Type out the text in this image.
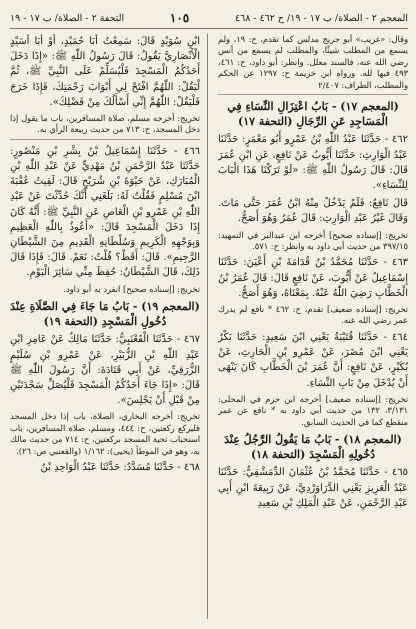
المعجم ٢ - الصلاة/ ب ١٧ - ١٩/ ح ٤٦٢ - ٤٦٨
١٠٥
التحفة ٢ - الصلاة/ ب ١٧ - ١٩

وقال: «غريب» أبو جريج مدلس كما تقدم، ح: ١٩، ولم يسمع من المطلب شيئًا، والمطلب لم يسمع من أنس رضي الله عنه، فالسند معلل. وانظر: أبو داود، ح: ٤٦١، ٤٩٣ فبها لله. ورواه ابن خزيمة ح: ١٢٩٧ عن الحكم والمطلب، الطراف: ٢/٤٠٧

(المعجم ١٧) - بَابُ اعْتِزَالِ النِّسَاءِ فِي الْمَسَاجِدِ عَنِ الرِّجَالِ (التحفة ١٧)

٤٦٢ - حَدَّثَنَا عَبْدُ اللّٰهِ بْنُ عَمْرٍو أَبُو مَعْمَرٍ: حَدَّثَنَا عَبْدُ الْوَارِثِ: حَدَّثَنَا أَيُّوبُ عَنْ نَافِعٍ، عَنِ ابْنِ عُمَرَ قَالَ: قَالَ رَسُولُ اللّٰهِ ﷺ: «لَوْ تَرَكْنَا هَذَا الْبَابَ لِلنِّسَاءِ».

قَالَ نَافِعٌ: فَلَمْ يَدْخُلْ مِنْهُ ابْنُ عُمَرَ حَتَّى مَاتَ. وَقَالَ غَيْرُ عَبْدِ الْوَارِثِ: قَالَ عُمَرُ وَهُوَ أَصَحُّ.

تخريج: [إسناده صحيح] أخرجه ابن عبدالبر في التمهيد: ٣٩٧/١٥ من حديث أبي داود به وانظر: ح: ٥٧١.

٤٦٣ - حَدَّثَنَا مُحَمَّدُ بْنُ قُدَامَةَ بْنِ أَعْيَنَ: حَدَّثَنَا إِسْمَاعِيلُ عَنْ أَيُّوبَ، عَنْ نَافِعٍ قَالَ: قَالَ عُمَرُ بْنُ الْخَطَّابِ رَضِيَ اللّٰهُ عَنْهُ. بِمَعْنَاهُ، وَهُوَ أَصَحُّ.

تخريج: [إسناده ضعيف] تقدم، ح: ٤٦٢ * نافع لم يدرك عمر رضي الله عنه.

٤٦٤ - حَدَّثَنَا قُتَيْبَةُ يَعْنِي ابْنَ سَعِيدٍ: حَدَّثَنَا بَكْرٌ يَعْنِي ابْنَ مُضَرَ، عَنْ عَمْرِو بْنِ الْحَارِثِ، عَنْ بُكَيْرٍ، عَنْ نَافِعٍ: أَنَّ عُمَرَ بْنَ الْخَطَّابِ كَانَ يَنْهَى أَنْ يُدْخَلَ مِنْ بَابِ النِّسَاءِ.

تخريج: [إسناده ضعيف] أخرجه ابن حزم في المحلى: ٣/١٣١، ١٣٢ من حديث أبي داود به * نافع عن عمر منقطع كما في الحديث السابق.

(المعجم ١٨) - بَابُ مَا يَقُولُ الرَّجُلُ عِنْدَ دُخُولِهِ الْمَسْجِدَ (التحفة ١٨)

٤٦٥ - حَدَّثَنَا مُحَمَّدُ بْنُ عُثْمَانَ الدِّمَشْقِيُّ: حَدَّثَنَا عَبْدُ الْعَزِيزِ يَعْنِي الدَّرَاوَرْدِيَّ، عَنْ رَبِيعَةَ ابْنِ أَبِي عَبْدِ الرَّحْمَنِ، عَنْ عَبْدِ الْمَلِكِ بْنِ سَعِيدِ

ابْنِ سُوَيْدٍ قَالَ: سَمِعْتُ أَبَا حُمَيْدٍ، أَوْ أَبَا أُسَيْدٍ الْأَنْصَارِيَّ يَقُولُ: قَالَ رَسُولُ اللّٰهِ ﷺ: «إِذَا دَخَلَ أَحَدُكُمُ الْمَسْجِدَ فَلْيُسَلِّمْ عَلَى النَّبِيِّ ﷺ، ثُمَّ لْيَقُلْ: اللّٰهُمَّ افْتَحْ لِي أَبْوَابَ رَحْمَتِكَ، فَإِذَا خَرَجَ فَلْيَقُلْ: اللّٰهُمَّ إِنِّي أَسْأَلُكَ مِنْ فَضْلِكَ».

تخريج: أخرجه مسلم، صلاة المسافرين، باب ما يقول إذا دخل المسجد، ح: ٧١٣ من حديث ربيعة الرأي به.

٤٦٦ - حَدَّثَنَا إِسْمَاعِيلُ بْنُ بِشْرِ بْنِ مَنْصُورٍ: حَدَّثَنَا عَبْدُ الرَّحْمَنِ بْنُ مَهْدِيٍّ عَنْ عَبْدِ اللّٰهِ بْنِ الْمُبَارَكِ، عَنْ حَيْوَةَ بْنِ شُرَيْحٍ قَالَ: لَقِيتُ عُقْبَةَ ابْنَ مُسْلِمٍ فَقُلْتُ لَهُ: بَلَغَنِي أَنَّكَ حُدِّثْتَ عَنْ عَبْدِ اللّٰهِ بْنِ عَمْرِو بْنِ الْعَاصِ عَنِ النَّبِيِّ ﷺ: أَنَّهُ كَانَ إِذَا دَخَلَ الْمَسْجِدَ قَالَ: «أَعُوذُ بِاللّٰهِ الْعَظِيمِ وَبِوَجْهِهِ الْكَرِيمِ وَسُلْطَانِهِ الْقَدِيمِ مِنَ الشَّيْطَانِ الرَّجِيمِ». قَالَ: أَقَطْ؟ قُلْتُ: نَعَمْ. قَالَ: فَإِذَا قَالَ ذَلِكَ، قَالَ الشَّيْطَانُ: حُفِظَ مِنِّي سَائِرَ الْيَوْمِ.

تخريج: [إسناده صحيح] انفرد به أبو داود.

(المعجم ١٩) - بَابُ مَا جَاءَ فِي الصَّلَاةِ عِنْدَ دُخُولِ الْمَسْجِدِ (التحفة ١٩)

٤٦٧ - حَدَّثَنَا الْقَعْنَبِيُّ: حَدَّثَنَا مَالِكٌ عَنْ عَامِرِ ابْنِ عَبْدِ اللّٰهِ بْنِ الزُّبَيْرِ، عَنْ عَمْرِو بْنِ سُلَيْمٍ الزُّرَقِيِّ، عَنْ أَبِي قَتَادَةَ: أَنَّ رَسُولَ اللّٰهِ ﷺ قَالَ: «إِذَا جَاءَ أَحَدُكُمُ الْمَسْجِدَ فَلْيُصَلِّ سَجْدَتَيْنِ مِنْ قَبْلِ أَنْ يَجْلِسَ».

تخريج: أخرجه البخاري، الصلاة، باب إذا دخل المسجد فليركع ركعتين، ح: ٤٤٤، ومسلم، صلاة المسافرين، باب استحباب تحية المسجد بركعتين، ح: ٧١٤ من حديث مالك به، وهو في الموطأ (يحيى): ١/١٦٢ (والقعنبي ص: ٢٦).

٤٦٨ - حَدَّثَنَا مُسَدَّدٌ: حَدَّثَنَا عَبْدُ الْوَاحِدِ بْنُ
